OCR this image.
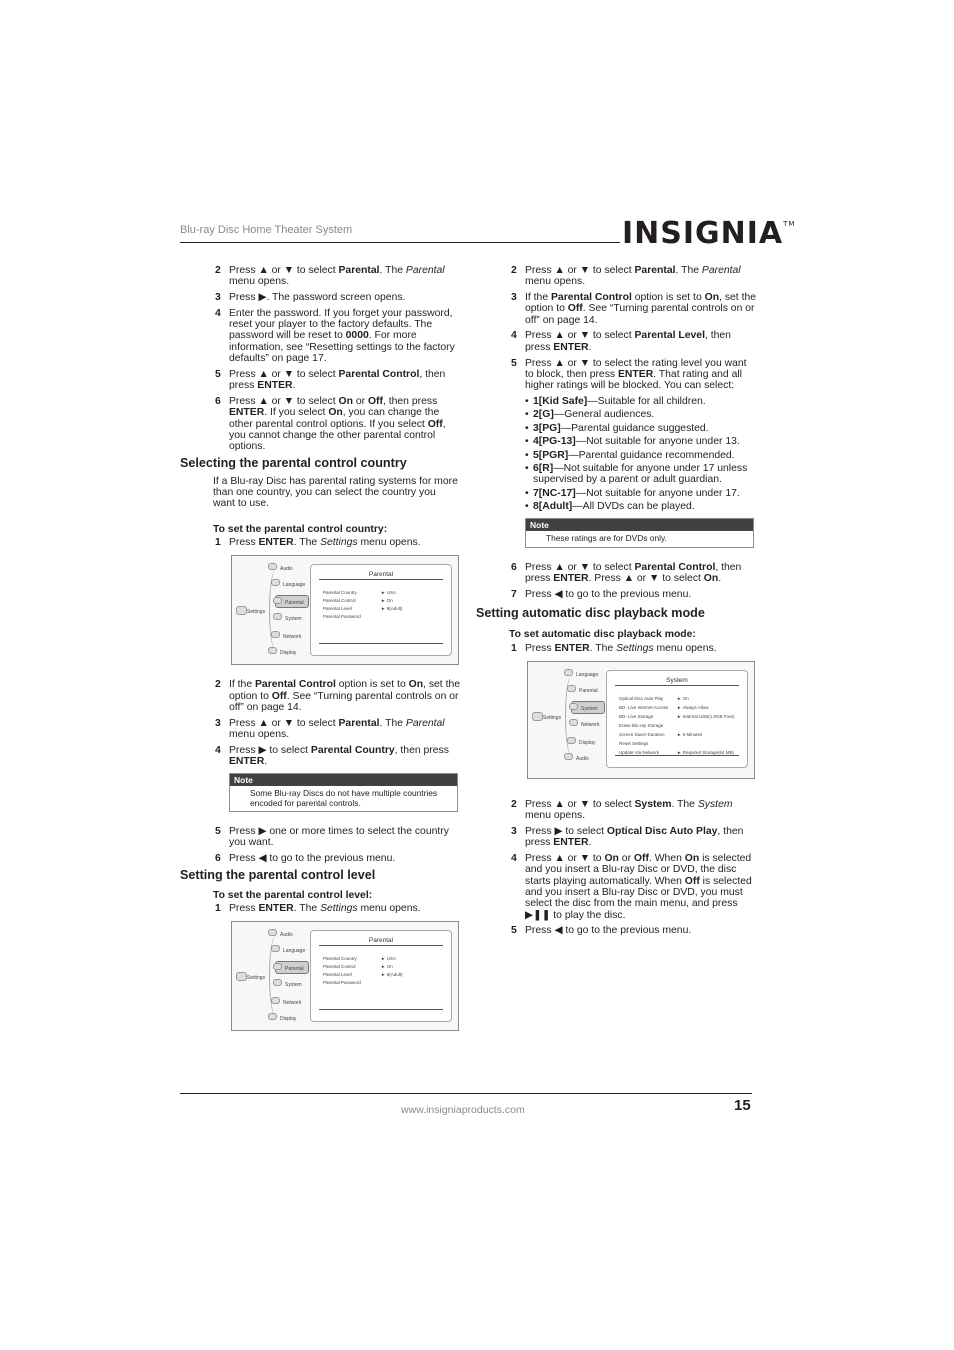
Blu-ray Disc Home Theater System	INSIGNIA™
2 Press ▲ or ▼ to select Parental. The Parental menu opens.
3 Press ▶. The password screen opens.
4 Enter the password. If you forget your password, reset your player to the factory defaults. The password will be reset to 0000. For more information, see “Resetting settings to the factory defaults” on page 17.
5 Press ▲ or ▼ to select Parental Control, then press ENTER.
6 Press ▲ or ▼ to select On or Off, then press ENTER. If you select On, you can change the other parental control options. If you select Off, you cannot change the other parental control options.
Selecting the parental control country
If a Blu-ray Disc has parental rating systems for more than one country, you can select the country you want to use.
To set the parental control country:
1 Press ENTER. The Settings menu opens.
Settings
Audio
Language
Parental
System
Network
Display
Parental
Parental Country	► USA
Parental Control	► On
Parental Level	► 8(Adult)
Parental Password
2 If the Parental Control option is set to On, set the option to Off. See “Turning parental controls on or off” on page 14.
3 Press ▲ or ▼ to select Parental. The Parental menu opens.
4 Press ▶ to select Parental Country, then press ENTER.
Note
Some Blu-ray Discs do not have multiple countries encoded for parental controls.
5 Press ▶ one or more times to select the country you want.
6 Press ◀ to go to the previous menu.
Setting the parental control level
To set the parental control level:
1 Press ENTER. The Settings menu opens.
Settings
Audio
Language
Parental
System
Network
Display
Parental
Parental Country	► USA
Parental Control	► On
Parental Level	► 8(Adult)
Parental Password
2 Press ▲ or ▼ to select Parental. The Parental menu opens.
3 If the Parental Control option is set to On, set the option to Off. See “Turning parental controls on or off” on page 14.
4 Press ▲ or ▼ to select Parental Level, then press ENTER.
5 Press ▲ or ▼ to select the rating level you want to block, then press ENTER. That rating and all higher ratings will be blocked. You can select:
• 1[Kid Safe]—Suitable for all children.
• 2[G]—General audiences.
• 3[PG]—Parental guidance suggested.
• 4[PG-13]—Not suitable for anyone under 13.
• 5[PGR]—Parental guidance recommended.
• 6[R]—Not suitable for anyone under 17 unless supervised by a parent or adult guardian.
• 7[NC-17]—Not suitable for anyone under 17.
• 8[Adult]—All DVDs can be played.
Note
These ratings are for DVDs only.
6 Press ▲ or ▼ to select Parental Control, then press ENTER. Press ▲ or ▼ to select On.
7 Press ◀ to go to the previous menu.
Setting automatic disc playback mode
To set automatic disc playback mode:
1 Press ENTER. The Settings menu opens.
Settings
Language
Parental
System
Network
Display
Audio
System
Optical Disc Auto Play	► On
BD- Live Internet Access ► Always Allow
BD- Live Storage	► Internal USB(1.0GB Free)
Erase Blu-ray Storage
Screen Saver Duration	► 5 Minutes
Reset Settings
Update Via Network	► Required Storage(64 MB)
2 Press ▲ or ▼ to select System. The System menu opens.
3 Press ▶ to select Optical Disc Auto Play, then press ENTER.
4 Press ▲ or ▼ to On or Off. When On is selected and you insert a Blu-ray Disc or DVD, the disc starts playing automatically. When Off is selected and you insert a Blu-ray Disc or DVD, you must select the disc from the main menu, and press ▶❚❚ to play the disc.
5 Press ◀ to go to the previous menu.
www.insigniaproducts.com	15
